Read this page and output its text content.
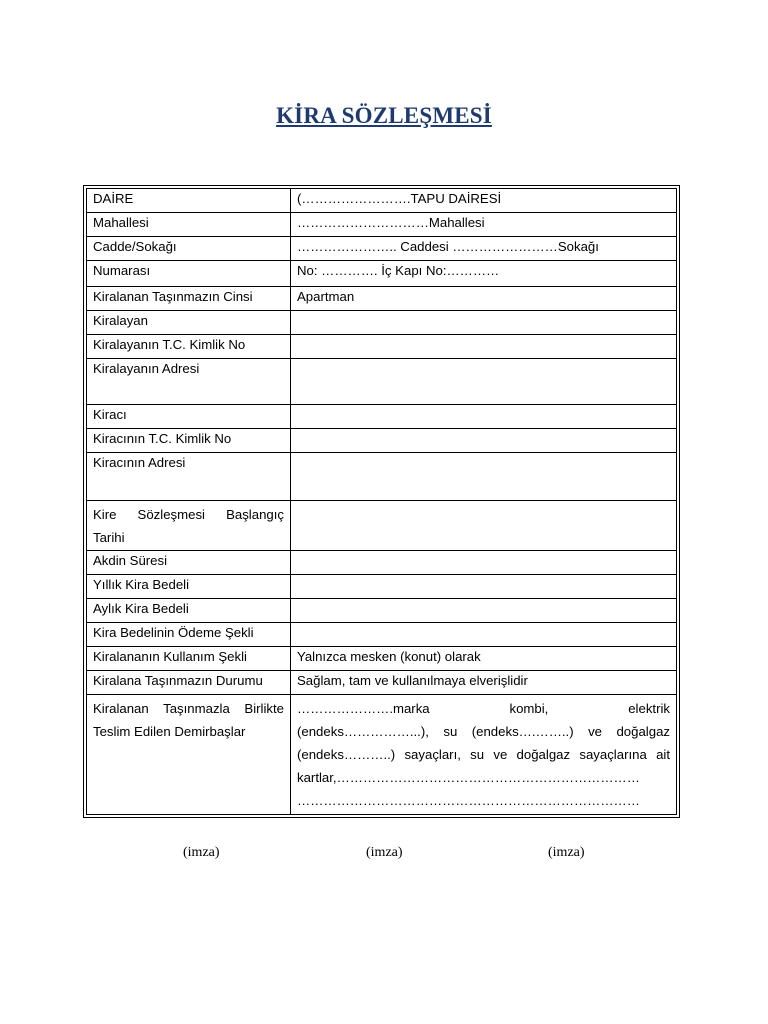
KİRA SÖZLEŞMESİ
DAİRE	(…………………….TAPU DAİRESİ
Mahallesi	…………………………Mahallesi
Cadde/Sokağı	………………….. Caddesi ……………………Sokağı
Numarası	No: …………. İç Kapı No:…………
Kiralanan Taşınmazın Cinsi	Apartman
Kiralayan	
Kiralayanın T.C. Kimlik No	
Kiralayanın Adresi	
Kiracı	
Kiracının T.C. Kimlik No	
Kiracının Adresi	

Kire Sözleşmesi Başlangıç
Tarihi	

Akdin Süresi	
Yıllık Kira Bedeli	
Aylık Kira Bedeli	
Kira Bedelinin Ödeme Şekli	
Kiralananın Kullanım Şekli	Yalnızca mesken (konut) olarak
Kiralana Taşınmazın Durumu	Sağlam, tam ve kullanılmaya elverişlidir

Kiralanan Taşınmazla Birlikte
Teslim Edilen Demirbaşlar	………………….marka kombi, elektrik
(endeks……………...), su (endeks….……..) ve doğalgaz
(endeks………..) sayaçları, su ve doğalgaz sayaçlarına ait
kartlar,……………………………………………………………
……………………………………………………………………
(imza)	(imza)	(imza)
